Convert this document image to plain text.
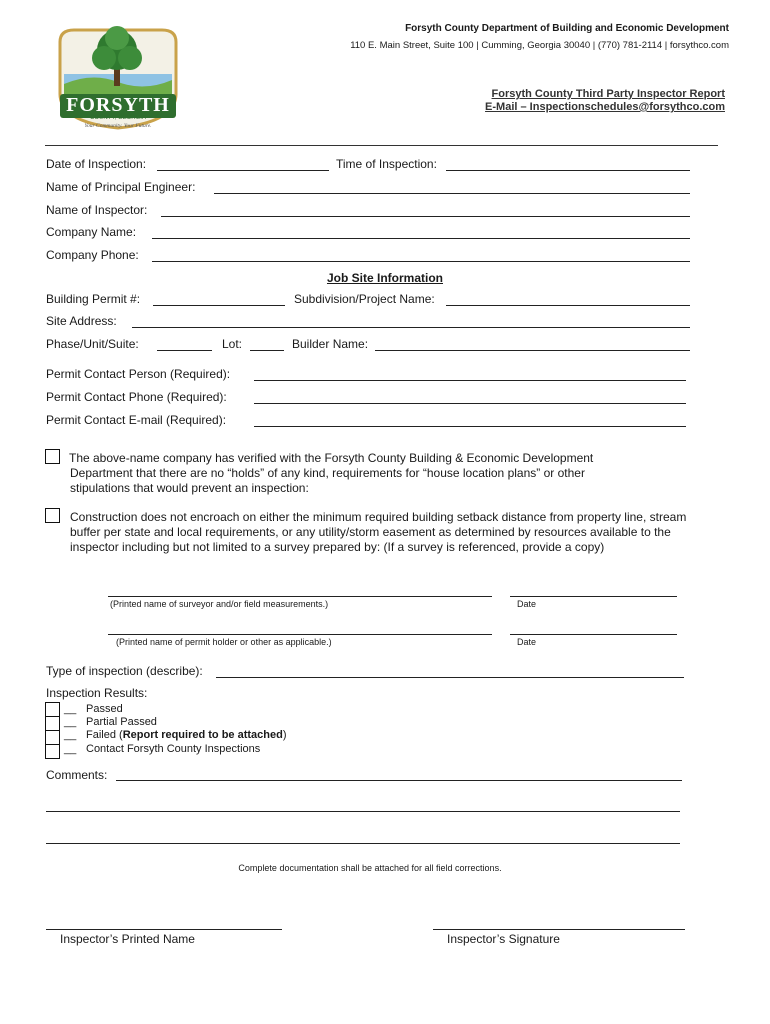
FORSYTH
COUNTY, GEORGIA
Your Community. Your Future.
Forsyth County Department of Building and Economic Development
110 E. Main Street, Suite 100 | Cumming, Georgia 30040 | (770) 781-2114 | forsythco.com
Forsyth County Third Party Inspector Report
E-Mail – Inspectionschedules@forsythco.com
Date of Inspection:	Time of Inspection:
Name of Principal Engineer:
Name of Inspector:
Company Name:
Company Phone:
Job Site Information
Building Permit #:	Subdivision/Project Name:
Site Address:
Phase/Unit/Suite:	Lot:	Builder Name:
Permit Contact Person (Required):
Permit Contact Phone (Required):
Permit Contact E-mail (Required):
The above-name company has verified with the Forsyth County Building & Economic Development Department that there are no “holds” of any kind, requirements for “house location plans” or other stipulations that would prevent an inspection:
Construction does not encroach on either the minimum required building setback distance from property line, stream buffer per state and local requirements, or any utility/storm easement as determined by resources available to the inspector including but not limited to a survey prepared by: (If a survey is referenced, provide a copy)
(Printed name of surveyor and/or field measurements.)	Date
(Printed name of permit holder or other as applicable.)	Date
Type of inspection (describe):
Inspection Results:
__ Passed
__ Partial Passed
__ Failed (Report required to be attached)
__ Contact Forsyth County Inspections
Comments:
Complete documentation shall be attached for all field corrections.
Inspector’s Printed Name	Inspector’s Signature
